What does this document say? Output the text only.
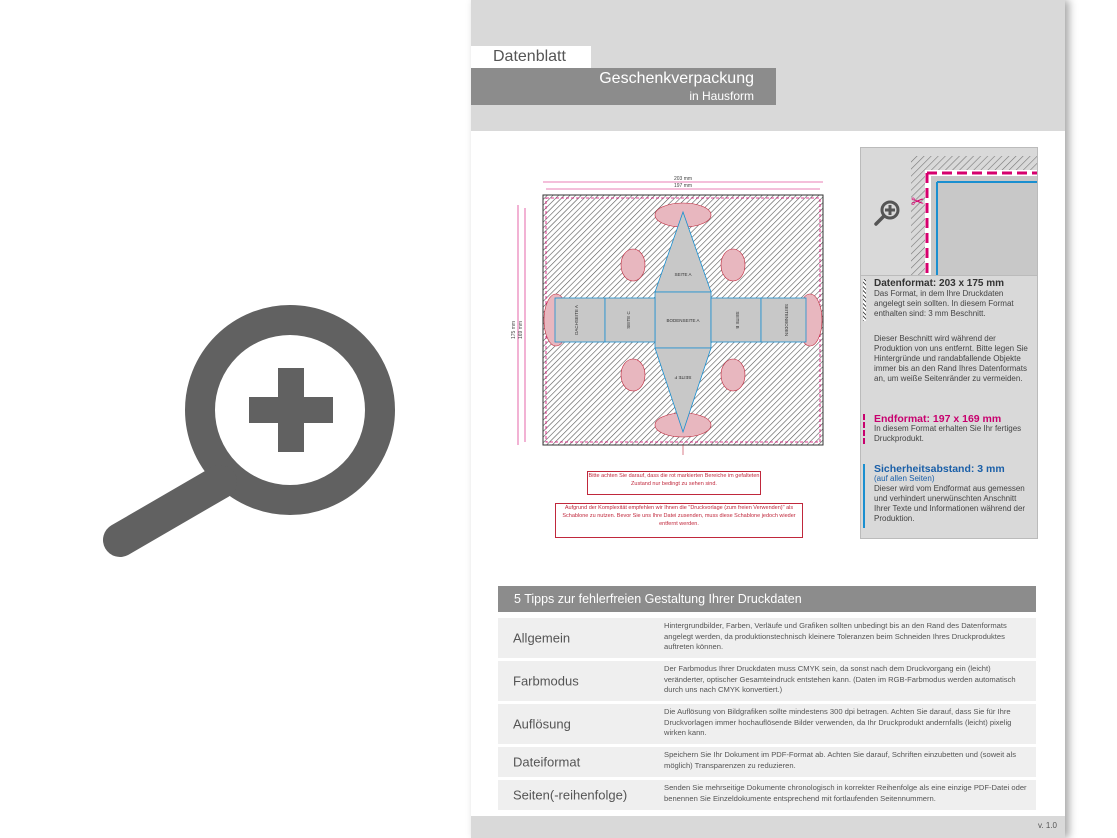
Datenblatt
Geschenkverpackung
in Hausform
203 mm
197 mm
175 mm 169 mm
SEITE A
BODENSEITE A
SEITE F
DACHSEITE A	SEITE C	SEITE B	SEITENBODEN
Bitte achten Sie darauf, dass die rot markierten Bereiche im gefalteten Zustand nur bedingt zu sehen sind.
Aufgrund der Komplexität empfehlen wir Ihnen die "Druckvorlage (zum freien Verwenden)" als Schablone zu nutzen. Bevor Sie uns Ihre Datei zusenden, muss diese Schablone jedoch wieder entfernt werden.
✂
Datenformat: 203 x 175 mm
Das Format, in dem Ihre Druckdaten angelegt sein sollten. In diesem Format enthalten sind: 3 mm Beschnitt.
Dieser Beschnitt wird während der Produktion von uns entfernt. Bitte legen Sie Hintergründe und randabfallende Objekte immer bis an den Rand Ihres Datenformats an, um weiße Seitenränder zu vermeiden.
Endformat: 197 x 169 mm
In diesem Format erhalten Sie Ihr fertiges Druckprodukt.
Sicherheitsabstand: 3 mm
(auf allen Seiten)
Dieser wird vom Endformat aus gemessen und verhindert unerwünschten Anschnitt Ihrer Texte und Informationen während der Produktion.
5 Tipps zur fehlerfreien Gestaltung Ihrer Druckdaten
Allgemein
Hintergrundbilder, Farben, Verläufe und Grafiken sollten unbedingt bis an den Rand des Datenformats angelegt werden, da produktionstechnisch kleinere Toleranzen beim Schneiden Ihres Druckproduktes auftreten können.
Farbmodus
Der Farbmodus Ihrer Druckdaten muss CMYK sein, da sonst nach dem Druckvorgang ein (leicht) veränderter, optischer Gesamteindruck entstehen kann. (Daten im RGB-Farbmodus werden automatisch durch uns nach CMYK konvertiert.)
Auflösung
Die Auflösung von Bildgrafiken sollte mindestens 300 dpi betragen. Achten Sie darauf, dass Sie für Ihre Druckvorlagen immer hochauflösende Bilder verwenden, da Ihr Druckprodukt andernfalls (leicht) pixelig wirken kann.
Dateiformat	Speichern Sie Ihr Dokument im PDF-Format ab. Achten Sie darauf, Schriften einzubetten und (soweit als möglich) Transparenzen zu reduzieren.
Seiten(-reihenfolge)	Senden Sie mehrseitige Dokumente chronologisch in korrekter Reihenfolge als eine einzige PDF-Datei oder benennen Sie Einzeldokumente entsprechend mit fortlaufenden Seitennummern.
v. 1.0
